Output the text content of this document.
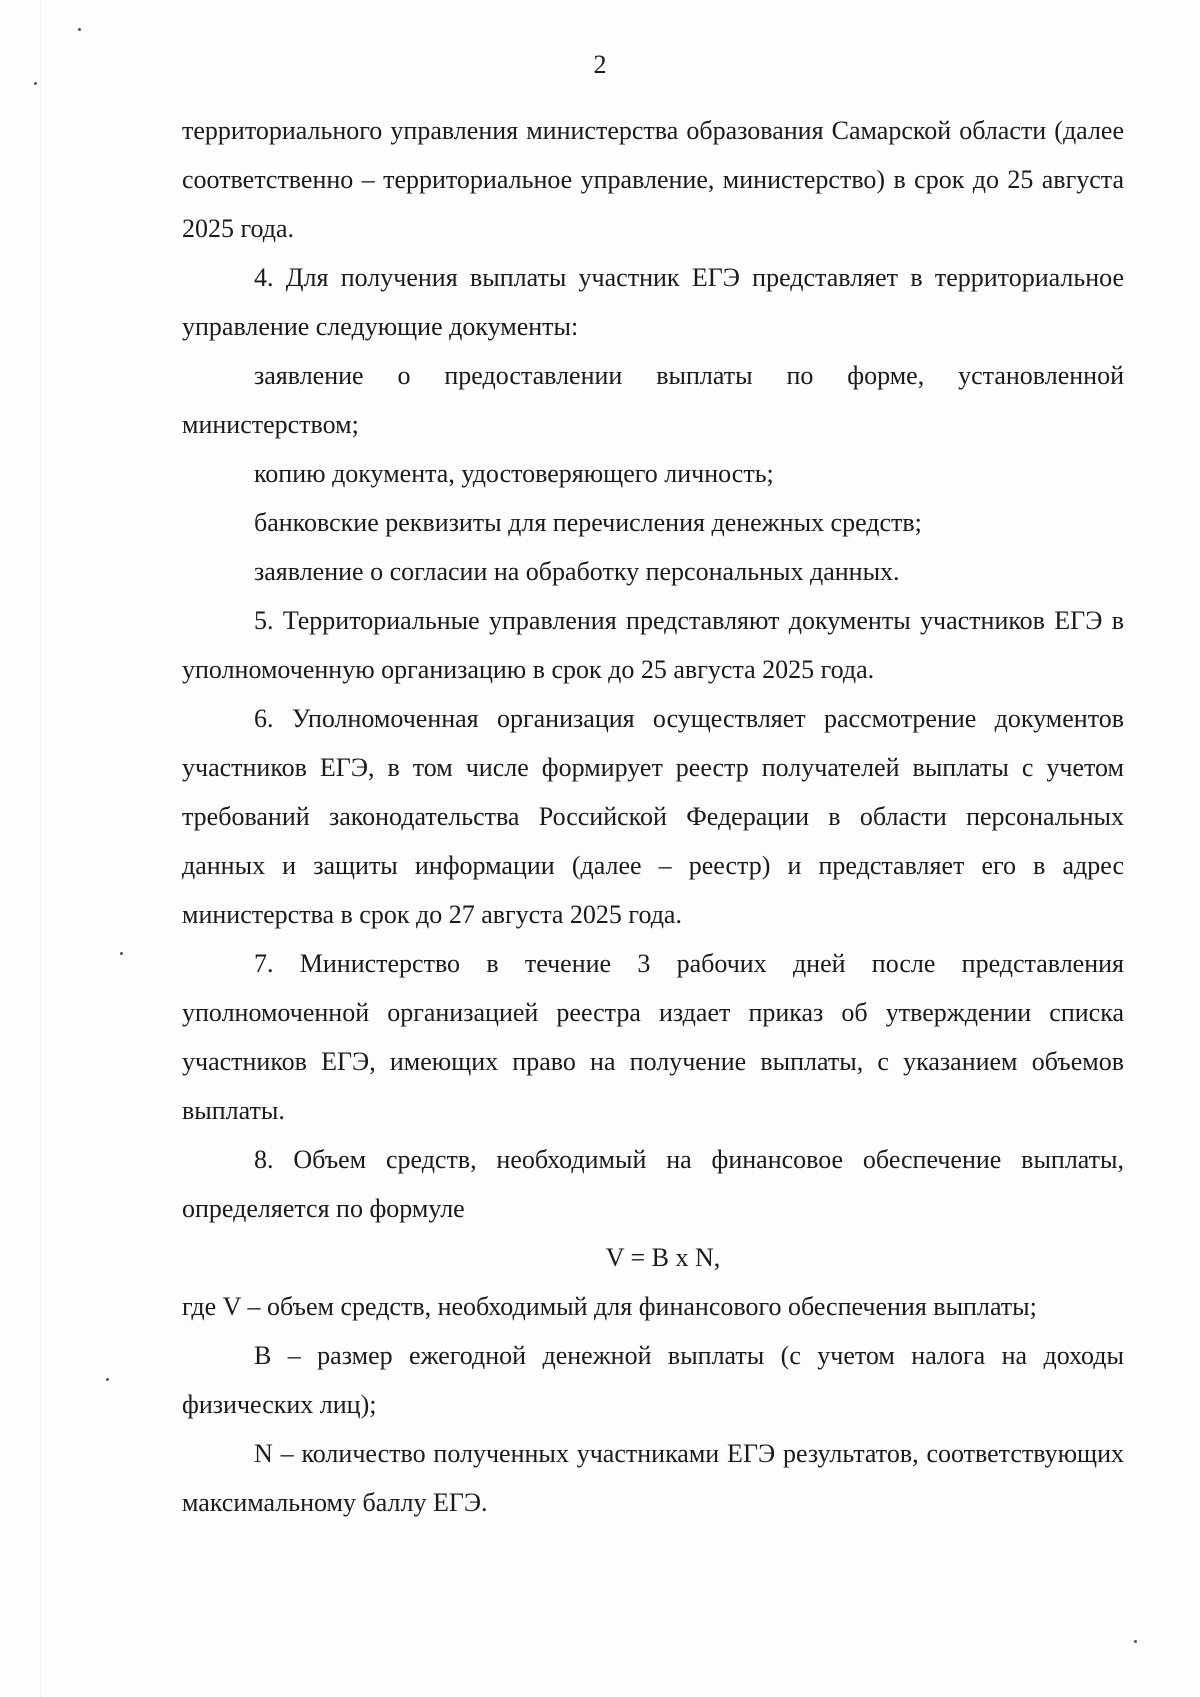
2

территориального управления министерства образования Самарской области (далее соответственно – территориальное управление, министерство) в срок до 25 августа 2025 года.

4. Для получения выплаты участник ЕГЭ представляет в территориальное управление следующие документы:

заявление о предоставлении выплаты по форме, установленной министерством;

копию документа, удостоверяющего личность;

банковские реквизиты для перечисления денежных средств;

заявление о согласии на обработку персональных данных.

5. Территориальные управления представляют документы участников ЕГЭ в уполномоченную организацию в срок до 25 августа 2025 года.

6. Уполномоченная организация осуществляет рассмотрение документов участников ЕГЭ, в том числе формирует реестр получателей выплаты с учетом требований законодательства Российской Федерации в области персональных данных и защиты информации (далее – реестр) и представляет его в адрес министерства в срок до 27 августа 2025 года.

7. Министерство в течение 3 рабочих дней после представления уполномоченной организацией реестра издает приказ об утверждении списка участников ЕГЭ, имеющих право на получение выплаты, с указанием объемов выплаты.

8. Объем средств, необходимый на финансовое обеспечение выплаты, определяется по формуле

V = B x N,

где V – объем средств, необходимый для финансового обеспечения выплаты;

B – размер ежегодной денежной выплаты (с учетом налога на доходы физических лиц);

N – количество полученных участниками ЕГЭ результатов, соответствующих максимальному баллу ЕГЭ.
